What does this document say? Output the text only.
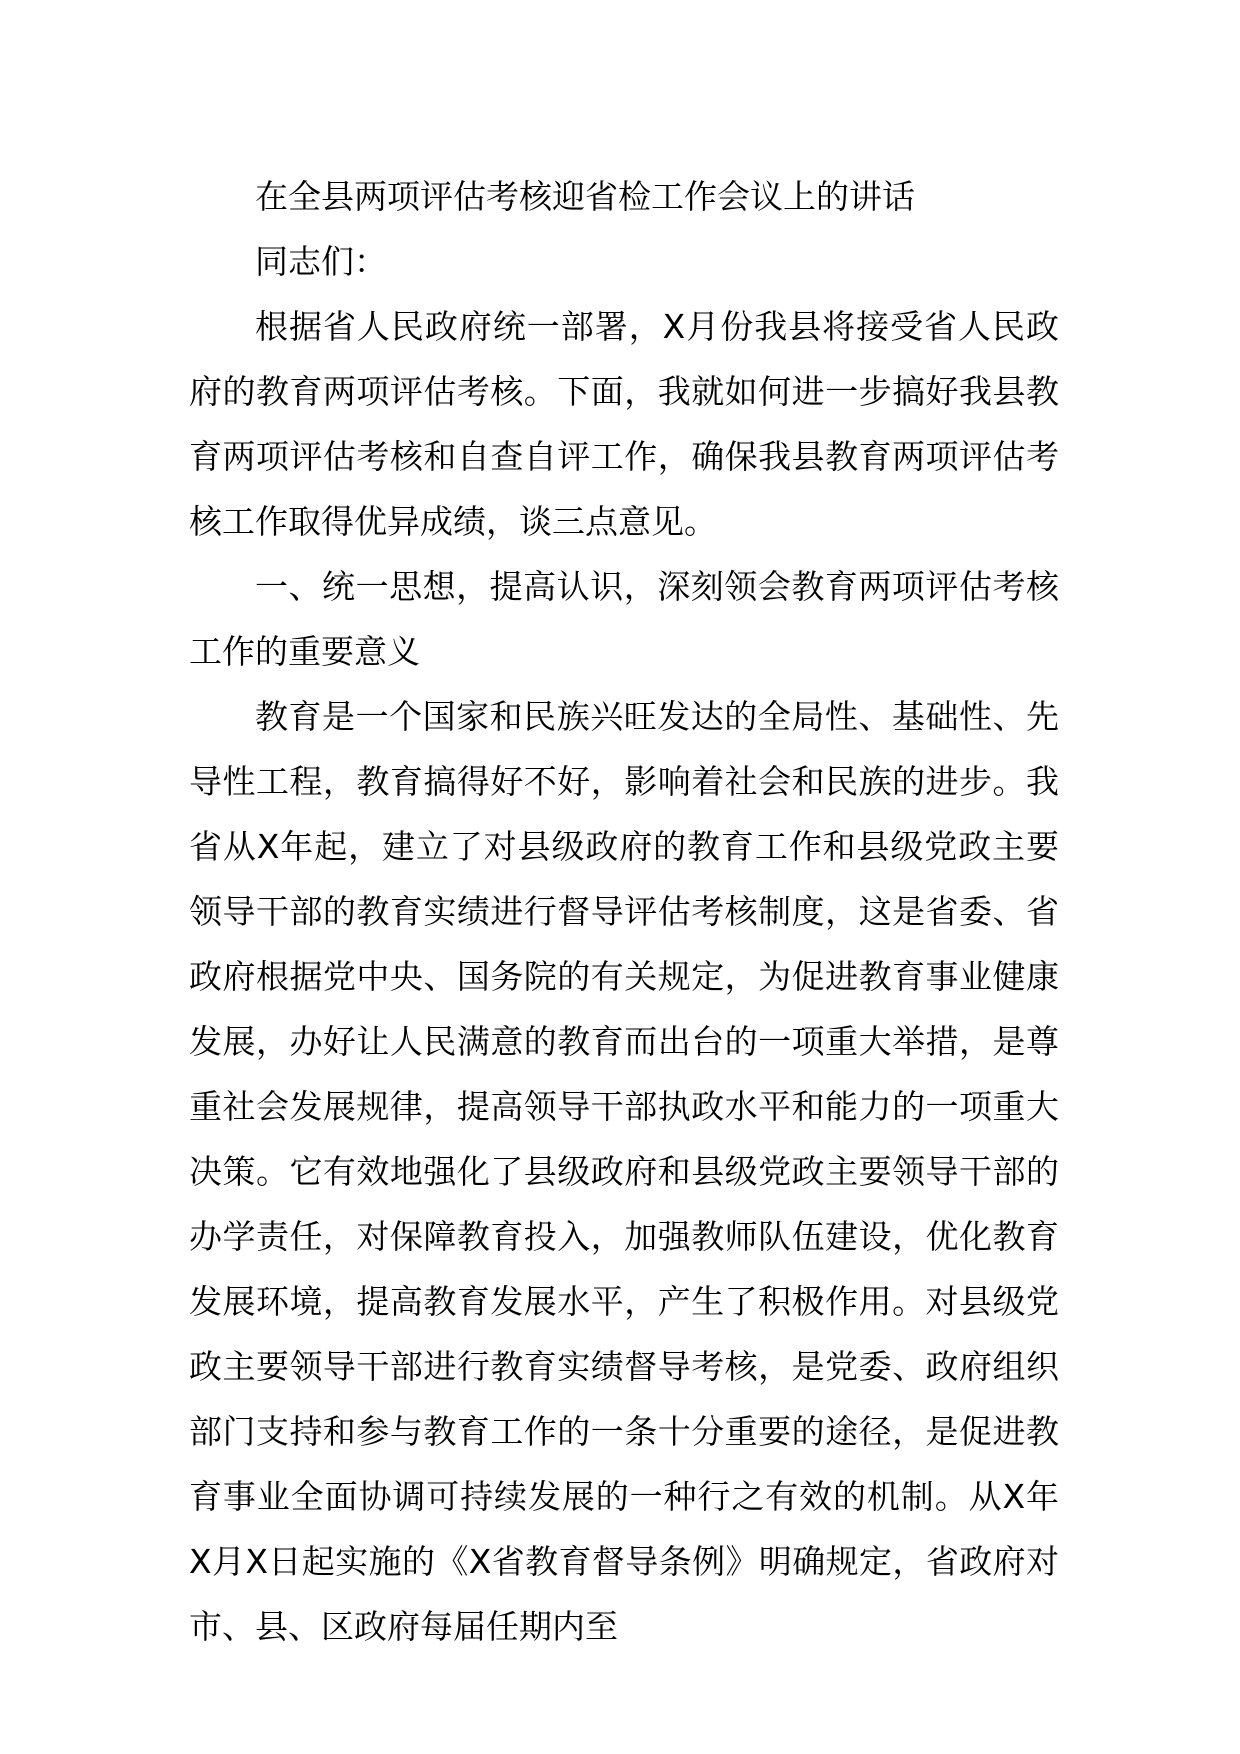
在全县两项评估考核迎省检工作会议上的讲话

同志们：

根据省人民政府统一部署，X月份我县将接受省人民政府的教育两项评估考核。下面，我就如何进一步搞好我县教育两项评估考核和自查自评工作，确保我县教育两项评估考核工作取得优异成绩，谈三点意见。

一、统一思想，提高认识，深刻领会教育两项评估考核工作的重要意义

教育是一个国家和民族兴旺发达的全局性、基础性、先导性工程，教育搞得好不好，影响着社会和民族的进步。我省从X年起，建立了对县级政府的教育工作和县级党政主要领导干部的教育实绩进行督导评估考核制度，这是省委、省政府根据党中央、国务院的有关规定，为促进教育事业健康发展，办好让人民满意的教育而出台的一项重大举措，是尊重社会发展规律，提高领导干部执政水平和能力的一项重大决策。它有效地强化了县级政府和县级党政主要领导干部的办学责任，对保障教育投入，加强教师队伍建设，优化教育发展环境，提高教育发展水平，产生了积极作用。对县级党政主要领导干部进行教育实绩督导考核，是党委、政府组织部门支持和参与教育工作的一条十分重要的途径，是促进教育事业全面协调可持续发展的一种行之有效的机制。从X年X月X日起实施的《X省教育督导条例》明确规定，省政府对市、县、区政府每届任期内至
